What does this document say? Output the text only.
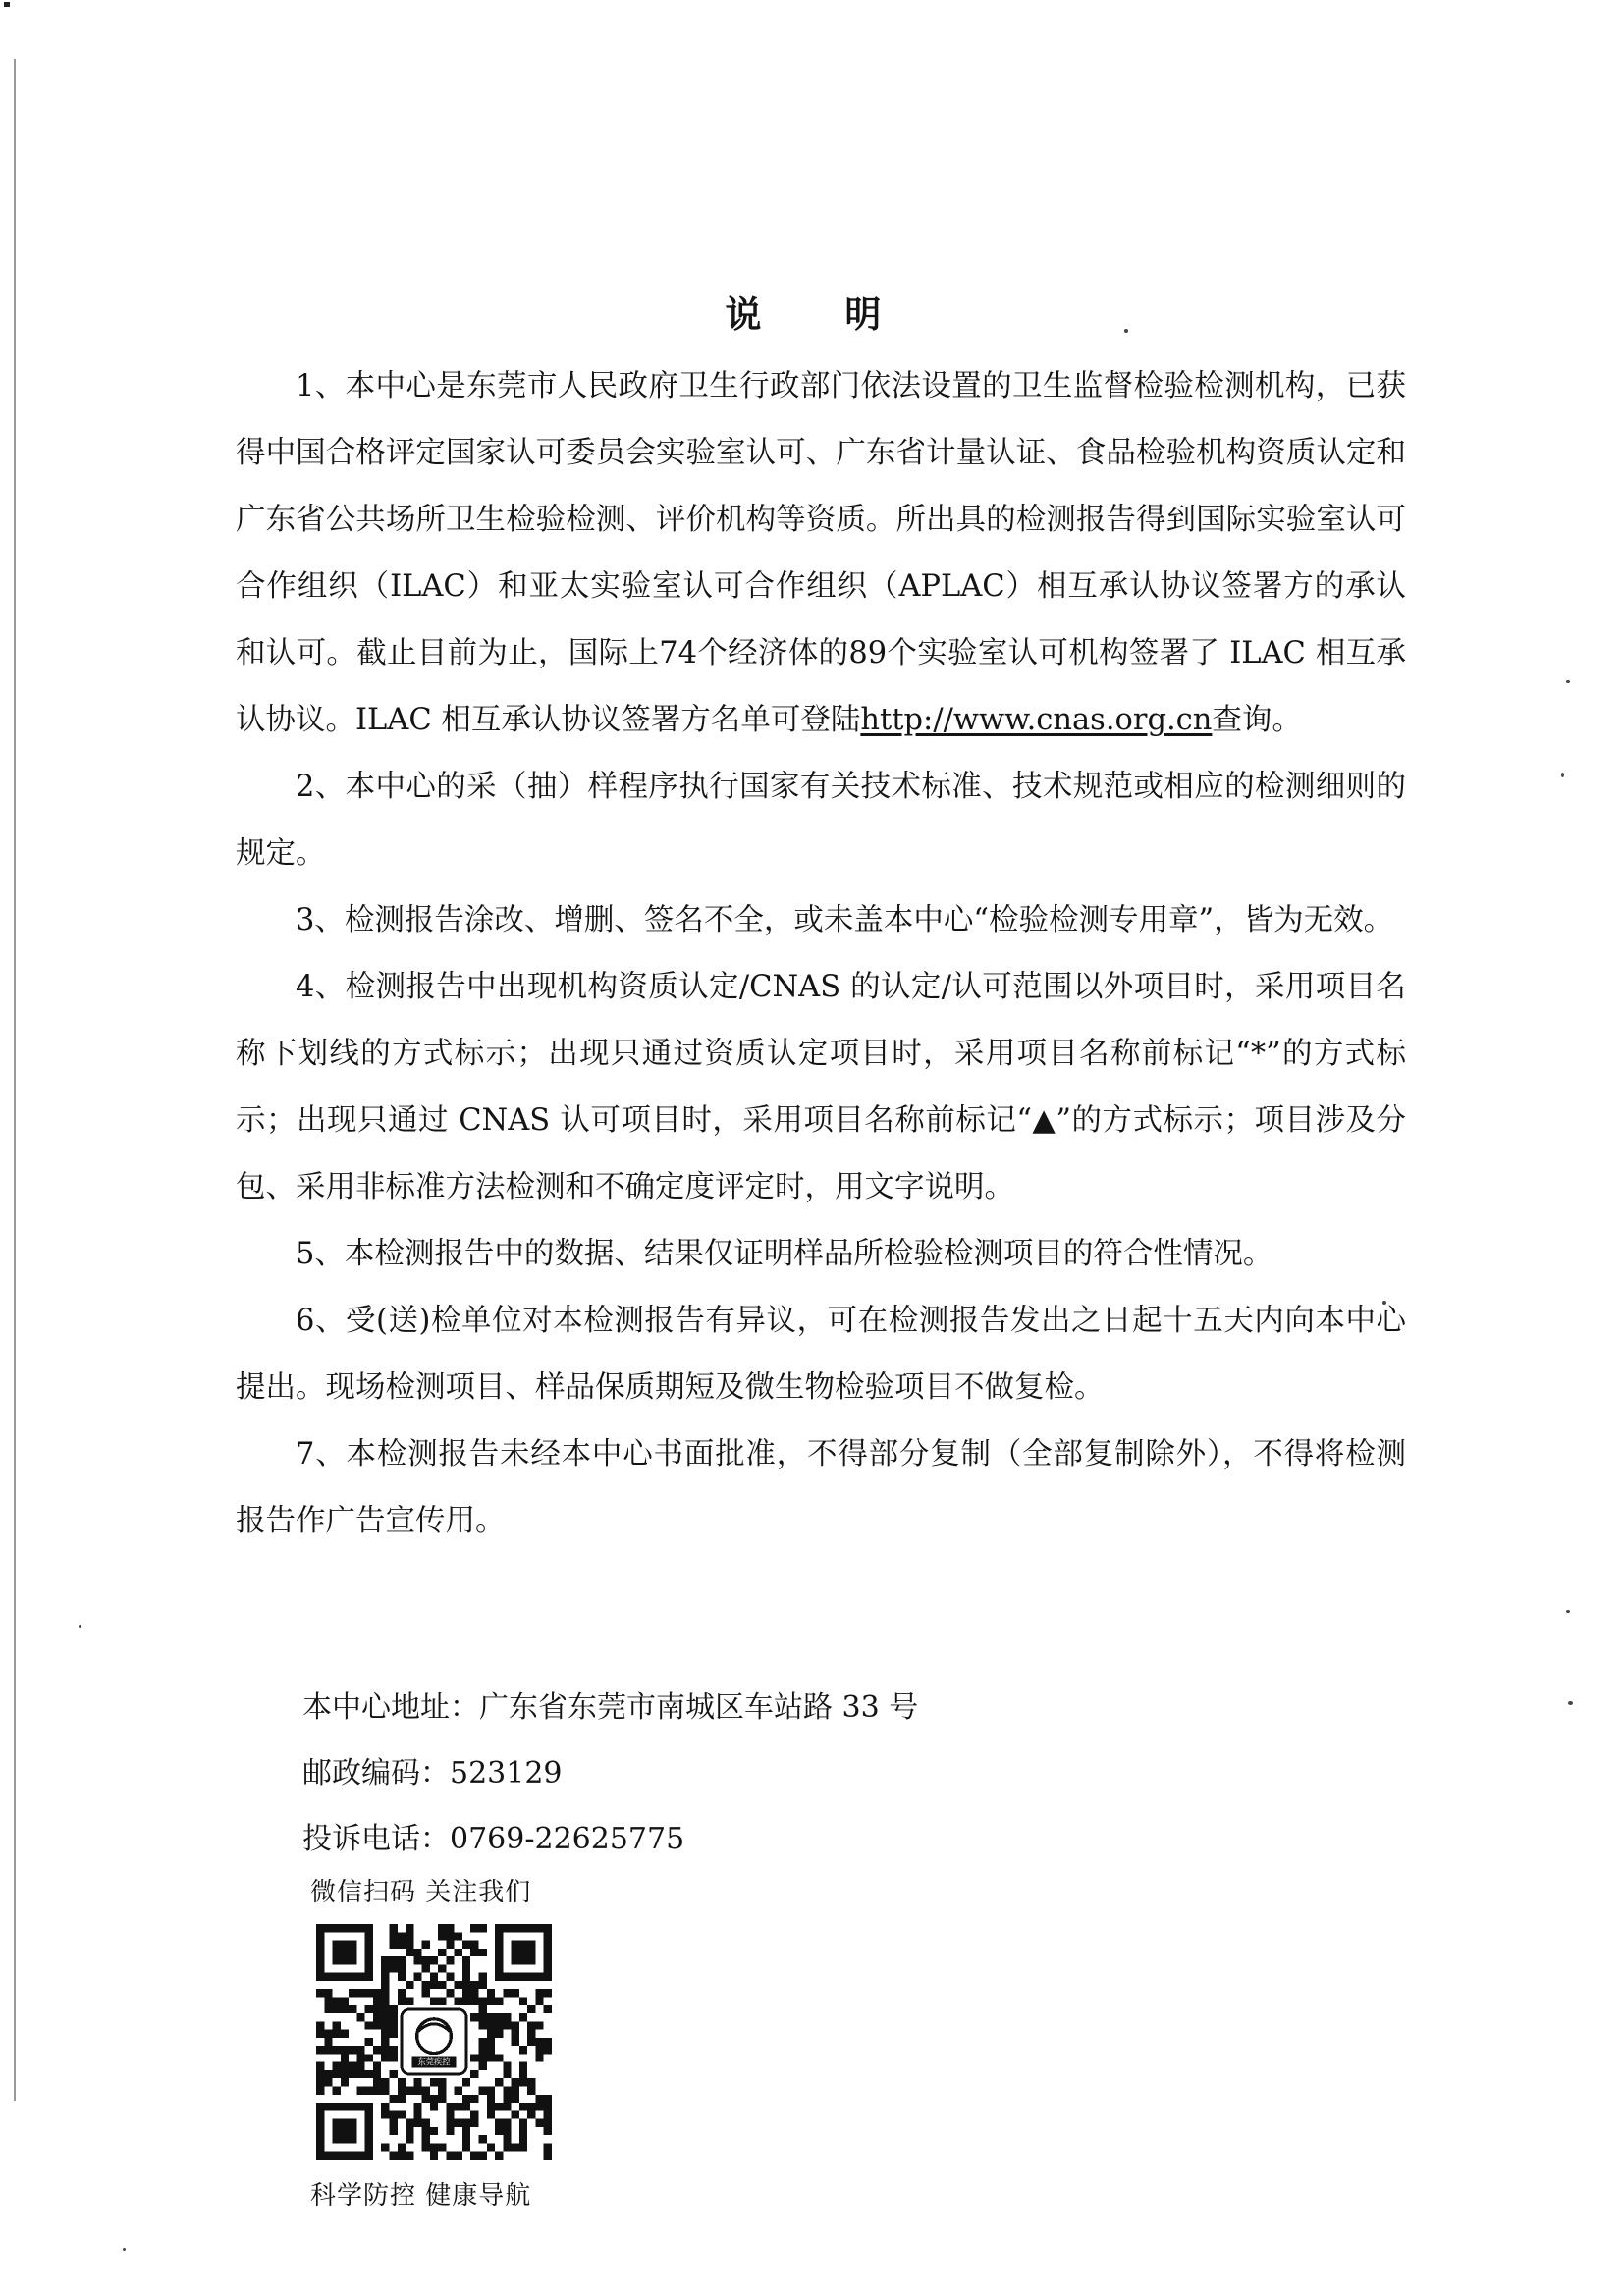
说 明

1、本中心是东莞市人民政府卫生行政部门依法设置的卫生监督检验检测机构，已获得中国合格评定国家认可委员会实验室认可、广东省计量认证、食品检验机构资质认定和广东省公共场所卫生检验检测、评价机构等资质。所出具的检测报告得到国际实验室认可合作组织（ILAC）和亚太实验室认可合作组织（APLAC）相互承认协议签署方的承认和认可。截止目前为止，国际上74个经济体的89个实验室认可机构签署了 ILAC 相互承认协议。ILAC 相互承认协议签署方名单可登陆http://www.cnas.org.cn查询。

2、本中心的采（抽）样程序执行国家有关技术标准、技术规范或相应的检测细则的规定。

3、检测报告涂改、增删、签名不全，或未盖本中心“检验检测专用章”，皆为无效。

4、检测报告中出现机构资质认定/CNAS 的认定/认可范围以外项目时，采用项目名称下划线的方式标示；出现只通过资质认定项目时，采用项目名称前标记“*”的方式标示；出现只通过 CNAS 认可项目时，采用项目名称前标记“▲”的方式标示；项目涉及分包、采用非标准方法检测和不确定度评定时，用文字说明。

5、本检测报告中的数据、结果仅证明样品所检验检测项目的符合性情况。

6、受(送)检单位对本检测报告有异议，可在检测报告发出之日起十五天内向本中心提出。现场检测项目、样品保质期短及微生物检验项目不做复检。

7、本检测报告未经本中心书面批准，不得部分复制（全部复制除外），不得将检测报告作广告宣传用。

本中心地址：广东省东莞市南城区车站路 33 号
邮政编码：523129
投诉电话：0769-22625775
微信扫码 关注我们
东莞疾控
科学防控 健康导航
